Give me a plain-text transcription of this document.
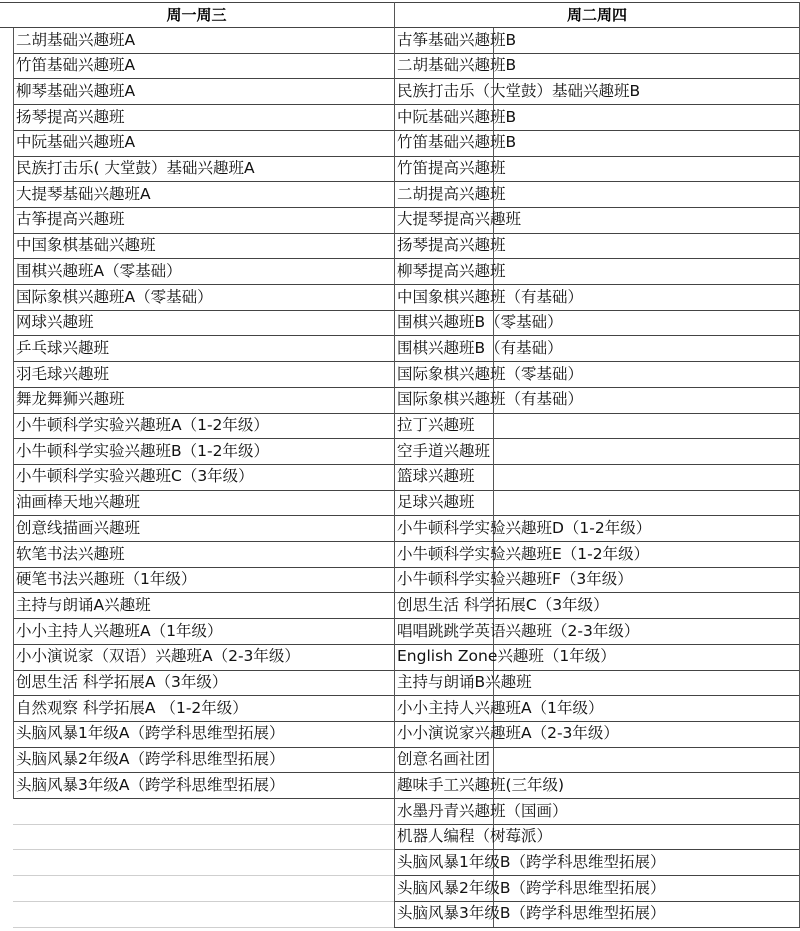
周一周三	周二周四
二胡基础兴趣班A
竹笛基础兴趣班A
柳琴基础兴趣班A
扬琴提高兴趣班
中阮基础兴趣班A
民族打击乐( 大堂鼓）基础兴趣班A
大提琴基础兴趣班A
古筝提高兴趣班
中国象棋基础兴趣班
围棋兴趣班A（零基础）
国际象棋兴趣班A（零基础）
网球兴趣班
乒乓球兴趣班
羽毛球兴趣班
舞龙舞狮兴趣班
小牛顿科学实验兴趣班A（1-2年级）
小牛顿科学实验兴趣班B（1-2年级）
小牛顿科学实验兴趣班C（3年级）
油画棒天地兴趣班
创意线描画兴趣班
软笔书法兴趣班
硬笔书法兴趣班（1年级）
主持与朗诵A兴趣班
小小主持人兴趣班A（1年级）
小小演说家（双语）兴趣班A（2-3年级）
创思生活 科学拓展A（3年级）
自然观察 科学拓展A （1-2年级）
头脑风暴1年级A（跨学科思维型拓展）
头脑风暴2年级A（跨学科思维型拓展）
头脑风暴3年级A（跨学科思维型拓展）
古筝基础兴趣班B
二胡基础兴趣班B
民族打击乐（大堂鼓）基础兴趣班B
中阮基础兴趣班B
竹笛基础兴趣班B
竹笛提高兴趣班
二胡提高兴趣班
大提琴提高兴趣班
扬琴提高兴趣班
柳琴提高兴趣班
中国象棋兴趣班（有基础）
围棋兴趣班B（零基础）
围棋兴趣班B（有基础）
国际象棋兴趣班（零基础）
国际象棋兴趣班（有基础）
拉丁兴趣班
空手道兴趣班
篮球兴趣班
足球兴趣班
小牛顿科学实验兴趣班D（1-2年级）
小牛顿科学实验兴趣班E（1-2年级）
小牛顿科学实验兴趣班F（3年级）
创思生活 科学拓展C（3年级）
唱唱跳跳学英语兴趣班（2-3年级）
English Zone兴趣班（1年级）
主持与朗诵B兴趣班
小小主持人兴趣班A（1年级）
小小演说家兴趣班A（2-3年级）
创意名画社团
趣味手工兴趣班(三年级)
水墨丹青兴趣班（国画）
机器人编程（树莓派）
头脑风暴1年级B（跨学科思维型拓展）
头脑风暴2年级B（跨学科思维型拓展）
头脑风暴3年级B（跨学科思维型拓展）
